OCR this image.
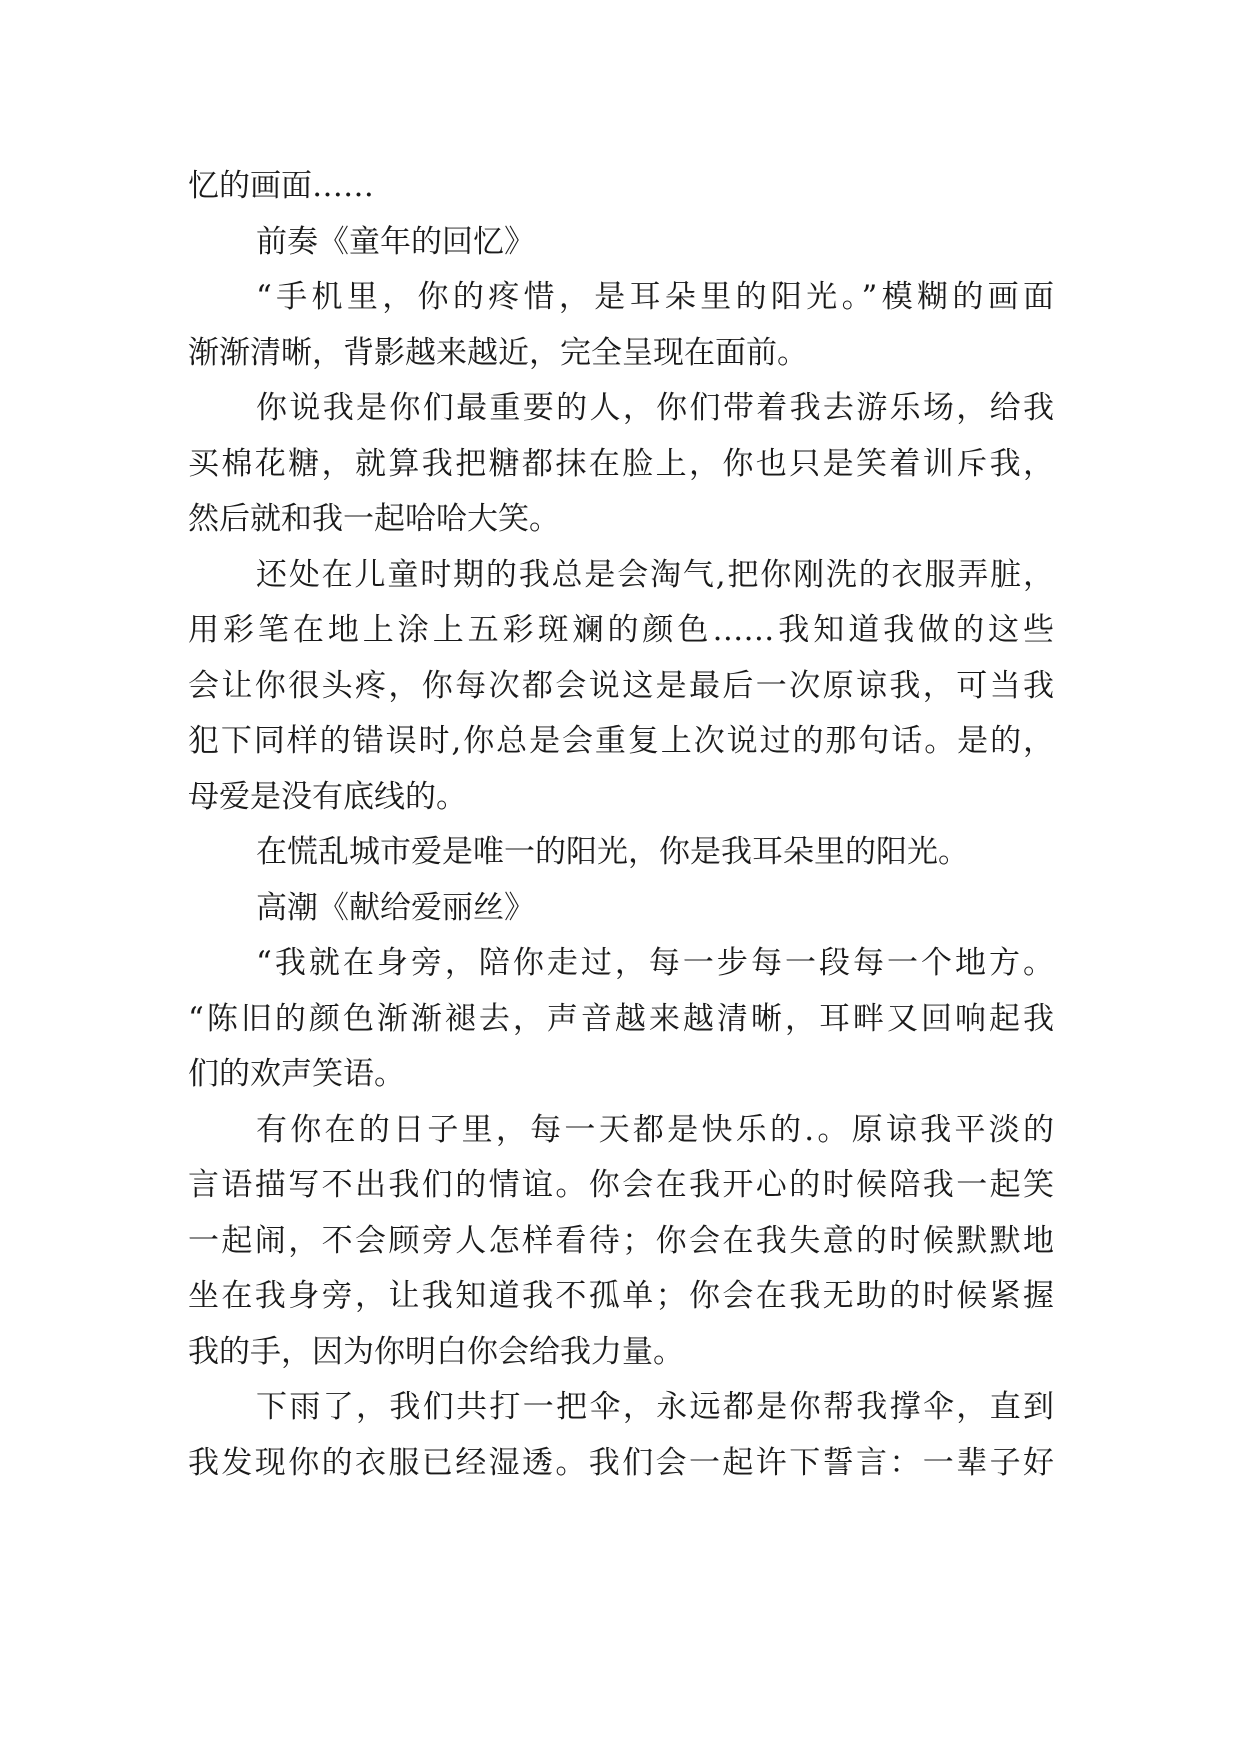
忆的画面……
前奏《童年的回忆》
“手机里，你的疼惜，是耳朵里的阳光。”模糊的画面
渐渐清晰，背影越来越近，完全呈现在面前。
你说我是你们最重要的人，你们带着我去游乐场，给我
买棉花糖，就算我把糖都抹在脸上，你也只是笑着训斥我，
然后就和我一起哈哈大笑。
还处在儿童时期的我总是会淘气,把你刚洗的衣服弄脏，
用彩笔在地上涂上五彩斑斓的颜色……我知道我做的这些
会让你很头疼，你每次都会说这是最后一次原谅我，可当我
犯下同样的错误时,你总是会重复上次说过的那句话。是的，
母爱是没有底线的。
在慌乱城市爱是唯一的阳光，你是我耳朵里的阳光。
高潮《献给爱丽丝》
“我就在身旁，陪你走过，每一步每一段每一个地方。
“陈旧的颜色渐渐褪去，声音越来越清晰，耳畔又回响起我
们的欢声笑语。
有你在的日子里，每一天都是快乐的.。原谅我平淡的
言语描写不出我们的情谊。你会在我开心的时候陪我一起笑
一起闹，不会顾旁人怎样看待；你会在我失意的时候默默地
坐在我身旁，让我知道我不孤单；你会在我无助的时候紧握
我的手，因为你明白你会给我力量。
下雨了，我们共打一把伞，永远都是你帮我撑伞，直到
我发现你的衣服已经湿透。我们会一起许下誓言：一辈子好
